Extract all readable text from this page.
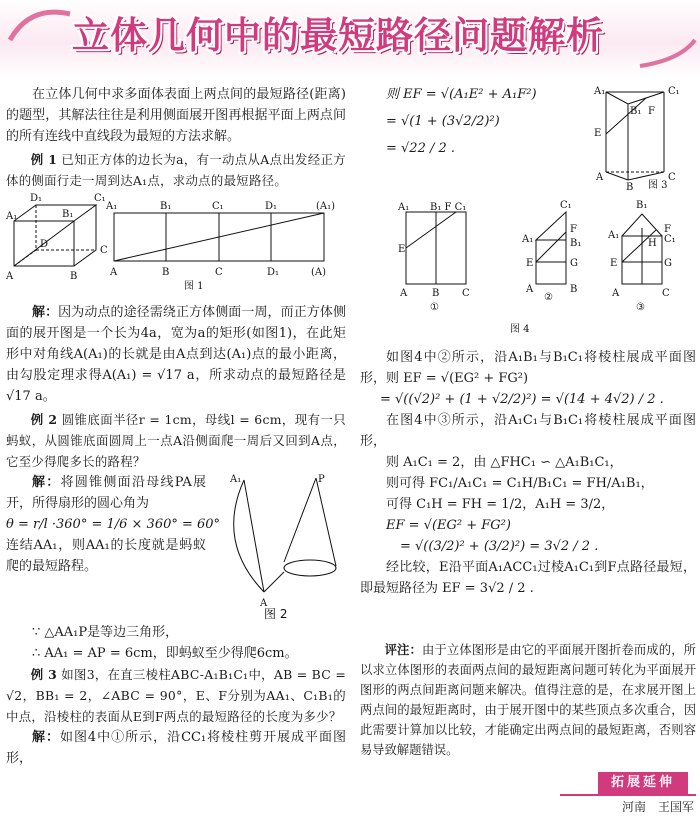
立体几何中的最短路径问题解析

在立体几何中求多面体表面上两点间的最短路径(距离)的题型，其解法往往是利用侧面展开图再根据平面上两点间的所有连线中直线段为最短的方法求解。

例 1 已知正方体的边长为a，有一动点从A点出发经正方体的侧面行走一周到达A₁点，求动点的最短路径。

A₁
D₁	C₁
B₁
C
D
A	B
A₁	B₁	C₁	D₁	(A₁)
A	B	C	D₁	(A)
图 1

解：因为动点的途径需绕正方体侧面一周，而正方体侧面的展开图是一个长为4a，宽为a的矩形(如图1)，在此矩形中对角线A(A₁)的长就是由A点到达(A₁)点的最小距离，由勾股定理求得A(A₁) = √17 a，所求动点的最短路径是√17 a。

例 2 圆锥底面半径r = 1cm，母线l = 6cm，现有一只蚂蚁，从圆锥底面圆周上一点A沿侧面爬一周后又回到A点，它至少得爬多长的路程？

解：将圆锥侧面沿母线PA展开，所得扇形的圆心角为

θ = r/l ·360° = 1/6 × 360° = 60°

连结AA₁，则AA₁的长度就是蚂蚁爬的最短路程。

A₁	P
A
图 2

∵ △AA₁P是等边三角形，

∴ AA₁ = AP = 6cm，即蚂蚁至少得爬6cm。

例 3 如图3，在直三棱柱ABC-A₁B₁C₁中，AB = BC = √2，BB₁ = 2，∠ABC = 90°，E、F分别为AA₁、C₁B₁的中点，沿棱柱的表面从E到F两点的最短路径的长度为多少？

解：如图4中①所示，沿CC₁将棱柱剪开展成平面图形，

则 EF = √(A₁E² + A₁F²)

= √(1 + (3√2/2)²)

= √22 / 2 .

A₁	C₁
B₁ F
E
A	C
B 图 3
A₁ B₁ F C₁
E
A B C
C₁
F
A₁	B₁
E	G
A	B
B₁
F
A₁	C₁
H
E	G
A	C
①
②
③
图 4

如图4中②所示，沿A₁B₁与B₁C₁将棱柱展成平面图形，则 EF = √(EG² + FG²)

= √((√2)² + (1 + √2/2)²) = √(14 + 4√2) / 2 .

在图4中③所示，沿A₁C₁与B₁C₁将棱柱展成平面图形，

则 A₁C₁ = 2，由 △FHC₁ ∽ △A₁B₁C₁，

则可得 FC₁/A₁C₁ = C₁H/B₁C₁ = FH/A₁B₁，

可得 C₁H = FH = 1/2，A₁H = 3/2，

EF = √(EG² + FG²)

= √((3/2)² + (3/2)²) = 3√2 / 2 .

经比较，E沿平面A₁ACC₁过棱A₁C₁到F点路径最短，即最短路径为 EF = 3√2 / 2 .

评注：由于立体图形是由它的平面展开图折卷而成的，所以求立体图形的表面两点间的最短距离问题可转化为平面展开图形的两点间距离问题来解决。值得注意的是，在求展开图上两点间的最短距离时，由于展开图中的某些顶点多次重合，因此需要计算加以比较，才能确定出两点间的最短距离，否则容易导致解题错误。

拓展延伸
河南　王国军
